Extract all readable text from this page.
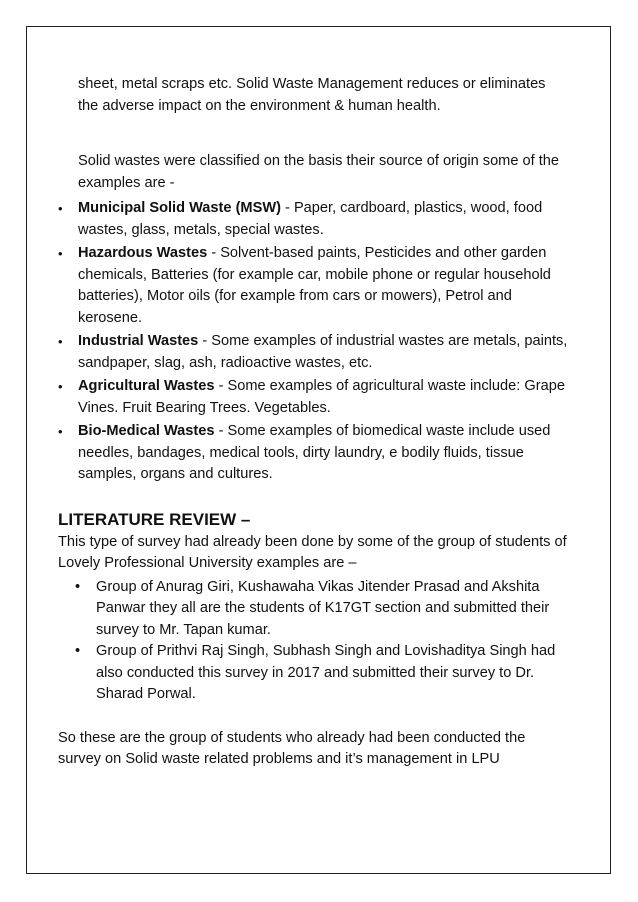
sheet, metal scraps etc. Solid Waste Management reduces or eliminates the adverse impact on the environment & human health.

Solid wastes were classified on the basis their source of origin some of the examples are -

•	Municipal Solid Waste (MSW) - Paper, cardboard, plastics, wood, food wastes, glass, metals, special wastes.
•	Hazardous Wastes - Solvent-based paints, Pesticides and other garden chemicals, Batteries (for example car, mobile phone or regular household batteries), Motor oils (for example from cars or mowers), Petrol and kerosene.
•	Industrial Wastes - Some examples of industrial wastes are metals, paints, sandpaper, slag, ash, radioactive wastes, etc.
•	Agricultural Wastes - Some examples of agricultural waste include: Grape Vines. Fruit Bearing Trees. Vegetables.
•	Bio-Medical Wastes - Some examples of biomedical waste include used needles, bandages, medical tools, dirty laundry, e bodily fluids, tissue samples, organs and cultures.
LITERATURE REVIEW –

This type of survey had already been done by some of the group of students of Lovely Professional University examples are –

•	Group of Anurag Giri, Kushawaha Vikas Jitender Prasad and Akshita Panwar they all are the students of K17GT section and submitted their survey to Mr. Tapan kumar.
•	Group of Prithvi Raj Singh, Subhash Singh and Lovishaditya Singh had also conducted this survey in 2017 and submitted their survey to Dr. Sharad Porwal.

So these are the group of students who already had been conducted the survey on Solid waste related problems and it’s management in LPU
